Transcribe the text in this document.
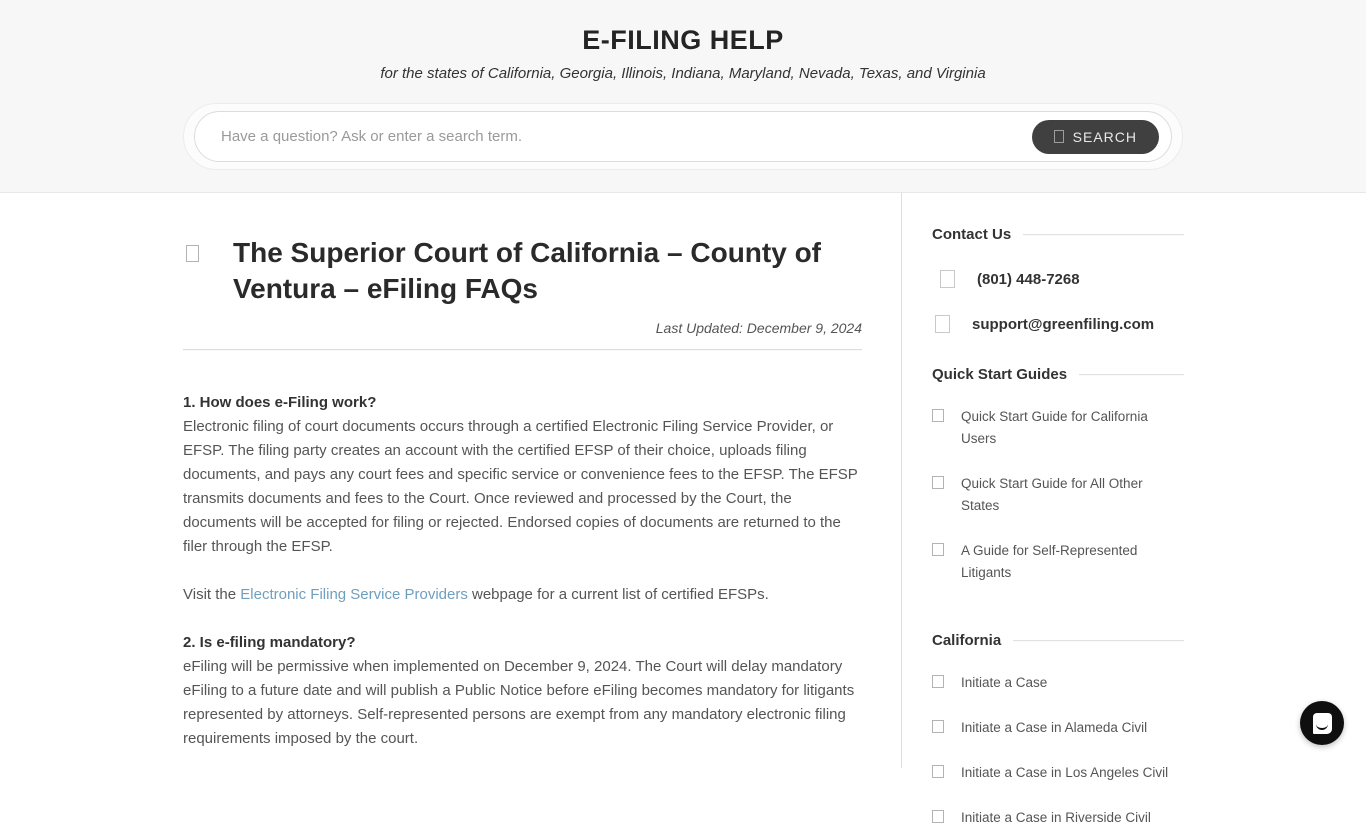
E-FILING HELP
for the states of California, Georgia, Illinois, Indiana, Maryland, Nevada, Texas, and Virginia
Have a question? Ask or enter a search term.
SEARCH
The Superior Court of California – County of Ventura – eFiling FAQs
Last Updated: December 9, 2024

1. How does e-Filing work?
Electronic filing of court documents occurs through a certified Electronic Filing Service Provider, or EFSP. The filing party creates an account with the certified EFSP of their choice, uploads filing documents, and pays any court fees and specific service or convenience fees to the EFSP. The EFSP transmits documents and fees to the Court. Once reviewed and processed by the Court, the documents will be accepted for filing or rejected. Endorsed copies of documents are returned to the filer through the EFSP.

Visit the Electronic Filing Service Providers webpage for a current list of certified EFSPs.

2. Is e-filing mandatory?
eFiling will be permissive when implemented on December 9, 2024. The Court will delay mandatory eFiling to a future date and will publish a Public Notice before eFiling becomes mandatory for litigants represented by attorneys. Self-represented persons are exempt from any mandatory electronic filing requirements imposed by the court.

Contact Us
(801) 448-7268
support@greenfiling.com
Quick Start Guides
Quick Start Guide for California Users
Quick Start Guide for All Other States
A Guide for Self-Represented Litigants
California
Initiate a Case
Initiate a Case in Alameda Civil
Initiate a Case in Los Angeles Civil
Initiate a Case in Riverside Civil
